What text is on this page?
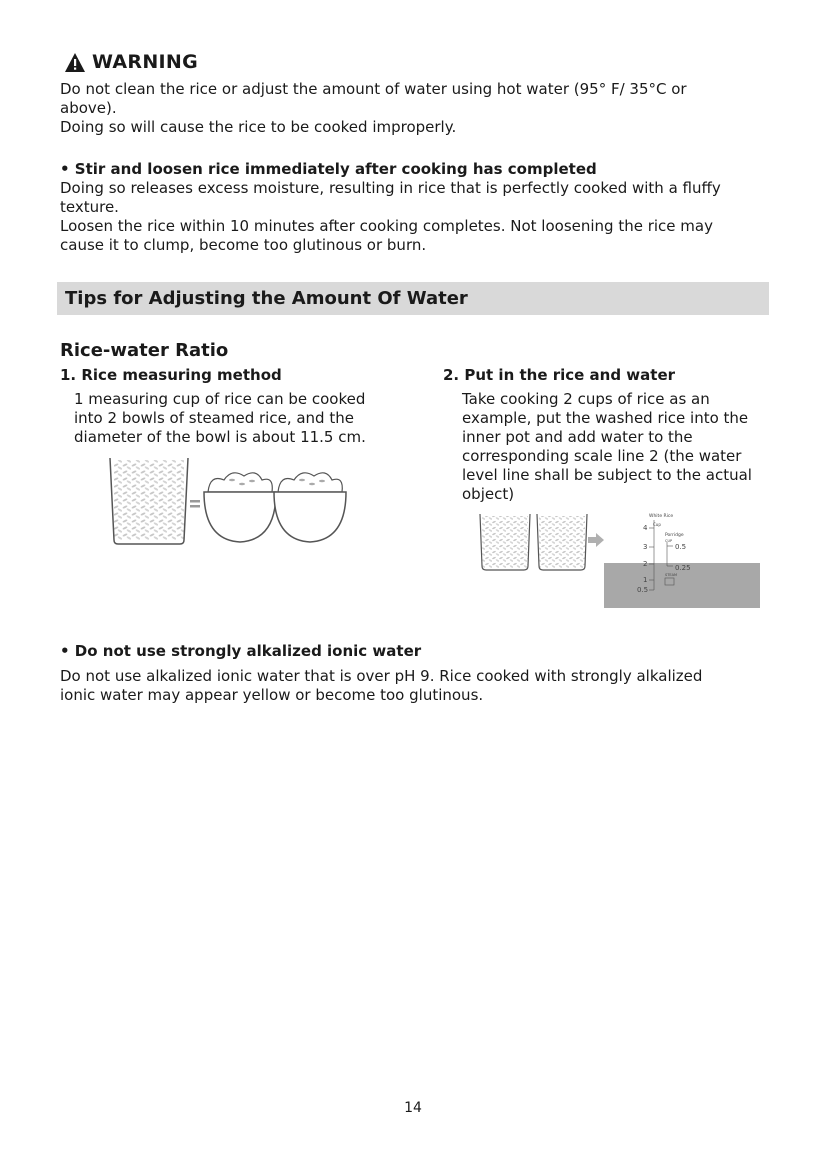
WARNING

Do not clean the rice or adjust the amount of water using hot water (95° F/ 35°C or

above).

Doing so will cause the rice to be cooked improperly.

• Stir and loosen rice immediately after cooking has completed

Doing so releases excess moisture, resulting in rice that is perfectly cooked with a fluffy

texture.

Loosen the rice within 10 minutes after cooking completes. Not loosening the rice may

cause it to clump, become too glutinous or burn.

Tips for Adjusting the Amount Of Water
Rice-water Ratio

1. Rice measuring method

1 measuring cup of rice can be cooked

into 2 bowls of steamed rice, and the

diameter of the bowl is about 11.5 cm.

2. Put in the rice and water

Take cooking 2 cups of rice as an

example, put the washed rice into the

inner pot and add water to the

corresponding scale line 2 (the water

level line shall be subject to the actual

object)

White Rice
Cup
Porridge
CUP
STEAM
4
3
2
1
0.5
0.5
0.25

• Do not use strongly alkalized ionic water

Do not use alkalized ionic water that is over pH 9. Rice cooked with strongly alkalized

ionic water may appear yellow or become too glutinous.

14
